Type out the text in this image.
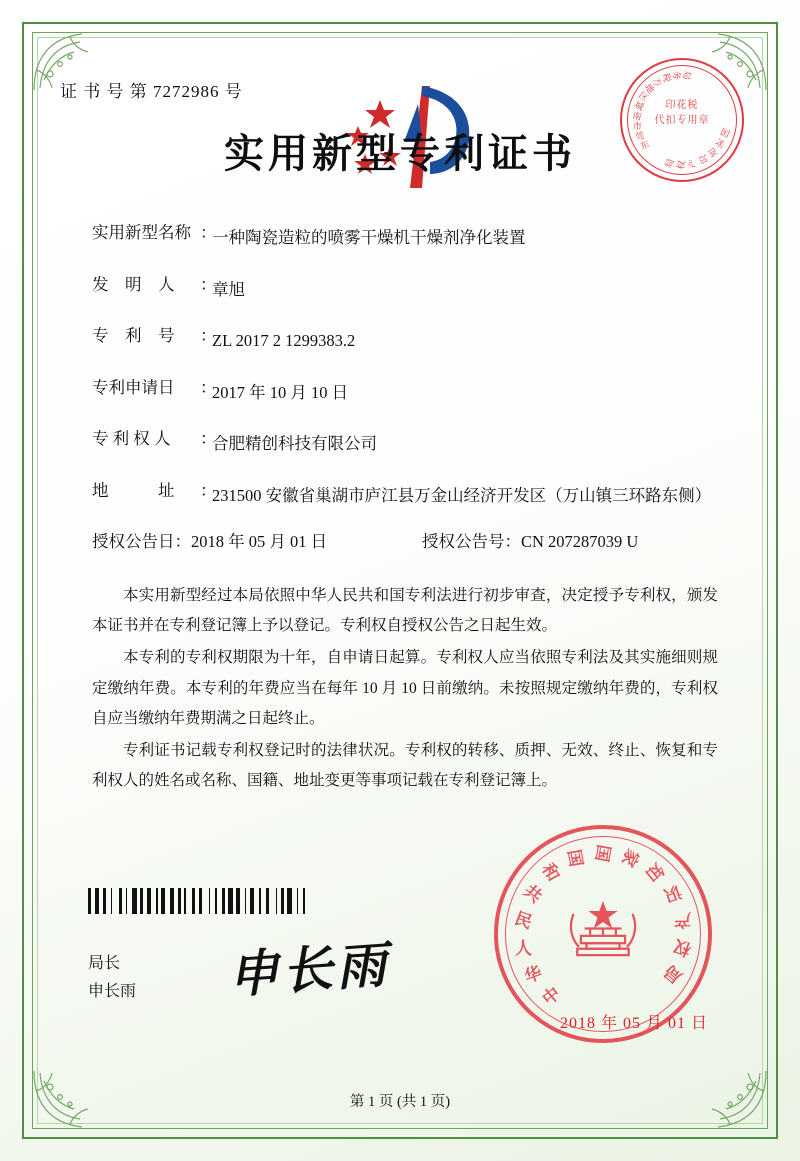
东
莞
市
南
城
区
地
方
税
务 局
印花税
代扣专用章
国
家
知
识
产
权
局
证 书 号 第 7272986 号
实用新型专利证书
实用新型名称 ：
一种陶瓷造粒的喷雾干燥机干燥剂净化装置
发　明　人	：
章旭
专　利　号	：
ZL 2017 2 1299383.2
专利申请日	：
2017 年 10 月 10 日
专 利 权 人	：
合肥精创科技有限公司
地　　　址	：
231500 安徽省巢湖市庐江县万金山经济开发区（万山镇三环路东侧）
授权公告日：2018 年 05 月 01 日	授权公告号：CN 207287039 U

本实用新型经过本局依照中华人民共和国专利法进行初步审查，决定授予专利权，颁发本证书并在专利登记簿上予以登记。专利权自授权公告之日起生效。

本专利的专利权期限为十年，自申请日起算。专利权人应当依照专利法及其实施细则规定缴纳年费。本专利的年费应当在每年 10 月 10 日前缴纳。未按照规定缴纳年费的，专利权自应当缴纳年费期满之日起终止。

专利证书记载专利权登记时的法律状况。专利权的转移、质押、无效、终止、恢复和专利权人的姓名或名称、国籍、地址变更等事项记载在专利登记簿上。

局长
申长雨 申长雨	中
华
人
民
共
和
国 国 家
知
识
产
权
局
2018 年 05 月 01 日
第 1 页 (共 1 页)
